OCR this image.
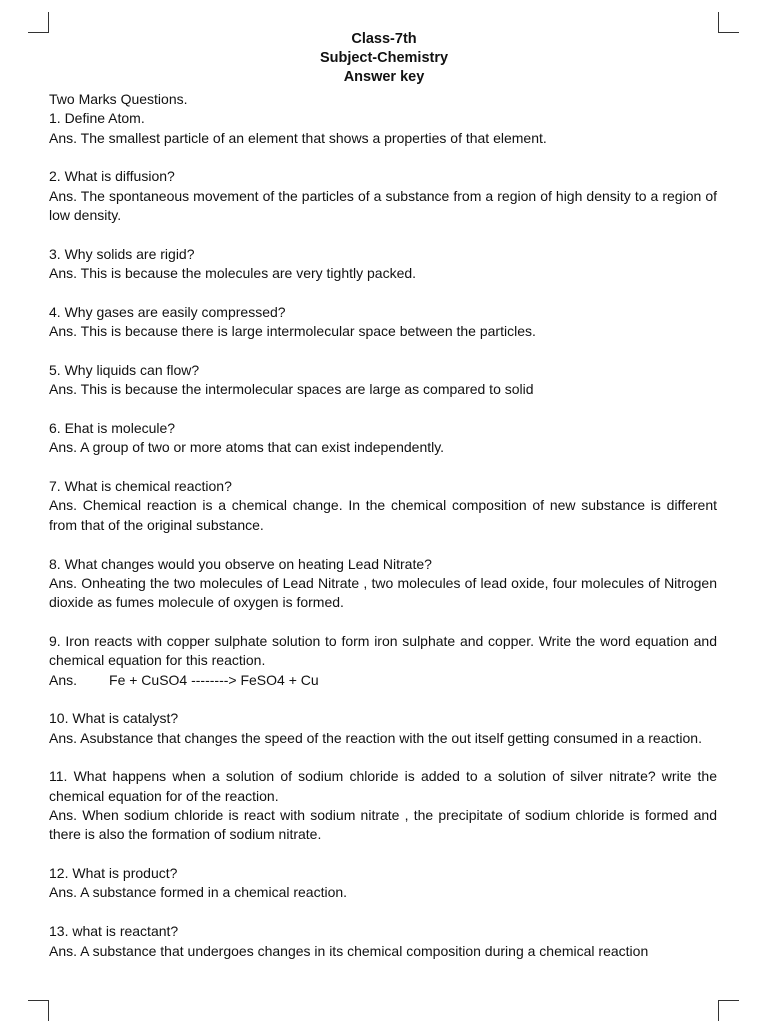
Class-7th
Subject-Chemistry
Answer key

Two Marks Questions.

1. Define Atom.

Ans. The smallest particle of an element that shows a properties of that element.

2. What is diffusion?

Ans. The spontaneous movement of the particles of a substance from a region of high density to a region of low density.

3. Why solids are rigid?

Ans. This is because the molecules are very tightly packed.

4. Why gases are easily compressed?

Ans. This is because there is large intermolecular space between the particles.

5. Why liquids can flow?

Ans. This is because the intermolecular spaces are large as compared to solid

6. Ehat is molecule?

Ans. A group of two or more atoms that can exist independently.

7. What is chemical reaction?

Ans. Chemical reaction is a chemical change. In the chemical composition of new substance is different from that of the original substance.

8. What changes would you observe on heating Lead Nitrate?

Ans. Onheating the two molecules of Lead Nitrate , two molecules of lead oxide, four molecules of Nitrogen dioxide as fumes molecule of oxygen is formed.

9. Iron reacts with copper sulphate solution to form iron sulphate and copper. Write the word equation and chemical equation for this reaction.

Ans. Fe + CuSO4 --------> FeSO4 + Cu

10. What is catalyst?

Ans. Asubstance that changes the speed of the reaction with the out itself getting consumed in a reaction.

11. What happens when a solution of sodium chloride is added to a solution of silver nitrate? write the chemical equation for of the reaction.

Ans. When sodium chloride is react with sodium nitrate , the precipitate of sodium chloride is formed and there is also the formation of sodium nitrate.

12. What is product?

Ans. A substance formed in a chemical reaction.

13. what is reactant?

Ans. A substance that undergoes changes in its chemical composition during a chemical reaction
